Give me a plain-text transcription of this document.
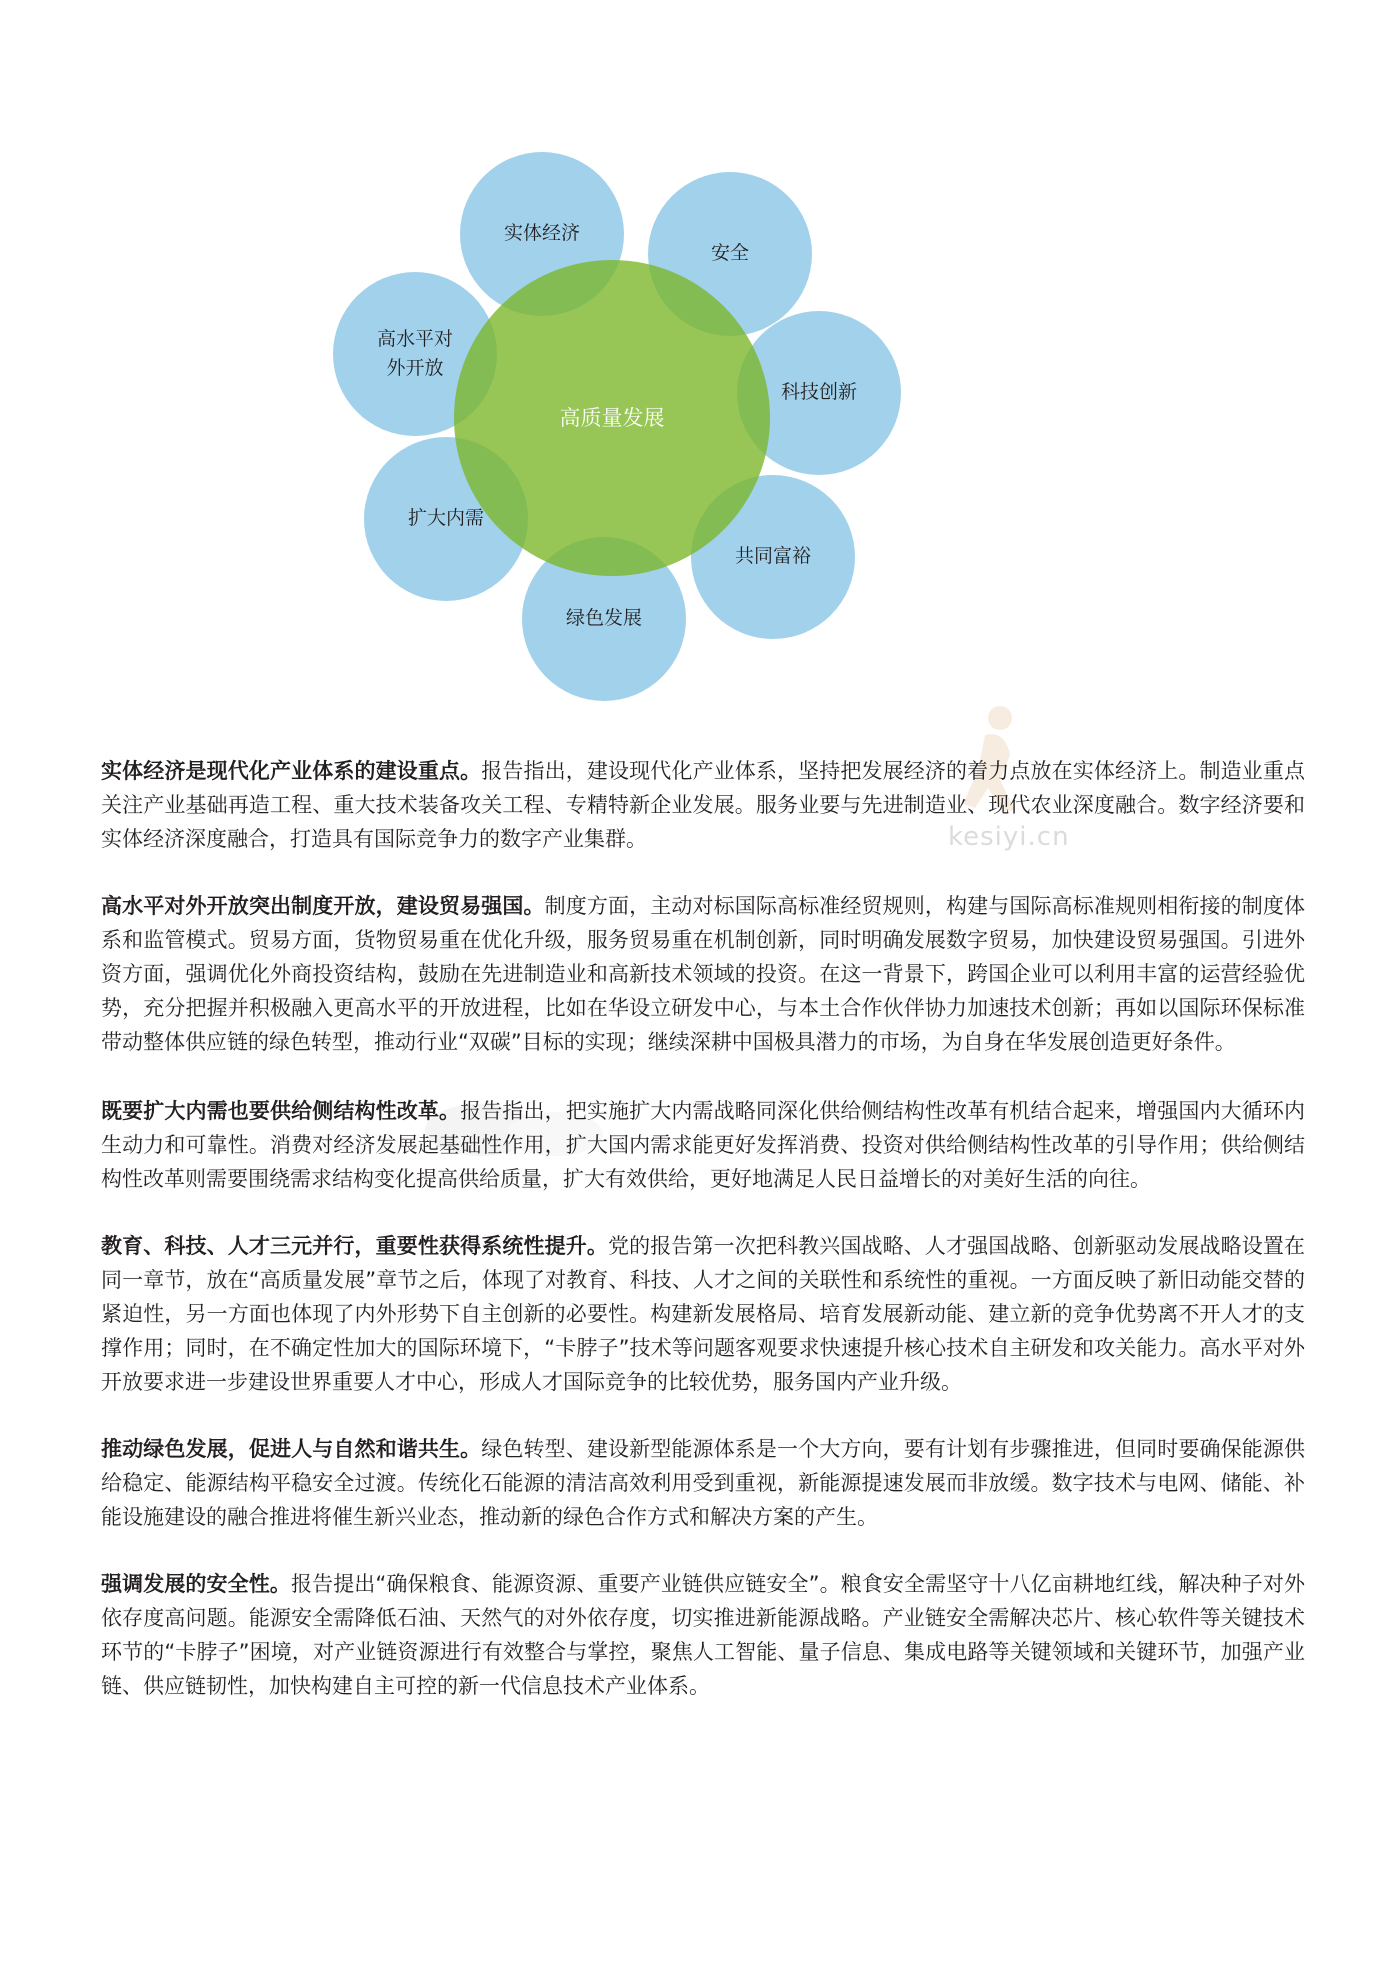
实体经济
安全
高水平对
外开放
科技创新
扩大内需
共同富裕
绿色发展
高质量发展
kesiyi.cn

实体经济是现代化产业体系的建设重点。报告指出，建设现代化产业体系，坚持把发展经济的着力点放在实体经济上。制造业重点关注产业基础再造工程、重大技术装备攻关工程、专精特新企业发展。服务业要与先进制造业、现代农业深度融合。数字经济要和实体经济深度融合，打造具有国际竞争力的数字产业集群。

高水平对外开放突出制度开放，建设贸易强国。制度方面，主动对标国际高标准经贸规则，构建与国际高标准规则相衔接的制度体系和监管模式。贸易方面，货物贸易重在优化升级，服务贸易重在机制创新，同时明确发展数字贸易，加快建设贸易强国。引进外资方面，强调优化外商投资结构，鼓励在先进制造业和高新技术领域的投资。在这一背景下，跨国企业可以利用丰富的运营经验优势，充分把握并积极融入更高水平的开放进程，比如在华设立研发中心，与本土合作伙伴协力加速技术创新；再如以国际环保标准带动整体供应链的绿色转型，推动行业“双碳”目标的实现；继续深耕中国极具潜力的市场，为自身在华发展创造更好条件。

既要扩大内需也要供给侧结构性改革。报告指出，把实施扩大内需战略同深化供给侧结构性改革有机结合起来，增强国内大循环内生动力和可靠性。消费对经济发展起基础性作用，扩大国内需求能更好发挥消费、投资对供给侧结构性改革的引导作用；供给侧结构性改革则需要围绕需求结构变化提高供给质量，扩大有效供给，更好地满足人民日益增长的对美好生活的向往。

教育、科技、人才三元并行，重要性获得系统性提升。党的报告第一次把科教兴国战略、人才强国战略、创新驱动发展战略设置在同一章节，放在“高质量发展”章节之后，体现了对教育、科技、人才之间的关联性和系统性的重视。一方面反映了新旧动能交替的紧迫性，另一方面也体现了内外形势下自主创新的必要性。构建新发展格局、培育发展新动能、建立新的竞争优势离不开人才的支撑作用；同时，在不确定性加大的国际环境下，“卡脖子”技术等问题客观要求快速提升核心技术自主研发和攻关能力。高水平对外开放要求进一步建设世界重要人才中心，形成人才国际竞争的比较优势，服务国内产业升级。

推动绿色发展，促进人与自然和谐共生。绿色转型、建设新型能源体系是一个大方向，要有计划有步骤推进，但同时要确保能源供给稳定、能源结构平稳安全过渡。传统化石能源的清洁高效利用受到重视，新能源提速发展而非放缓。数字技术与电网、储能、补能设施建设的融合推进将催生新兴业态，推动新的绿色合作方式和解决方案的产生。

强调发展的安全性。报告提出“确保粮食、能源资源、重要产业链供应链安全”。粮食安全需坚守十八亿亩耕地红线，解决种子对外依存度高问题。能源安全需降低石油、天然气的对外依存度，切实推进新能源战略。产业链安全需解决芯片、核心软件等关键技术环节的“卡脖子”困境，对产业链资源进行有效整合与掌控，聚焦人工智能、量子信息、集成电路等关键领域和关键环节，加强产业链、供应链韧性，加快构建自主可控的新一代信息技术产业体系。
